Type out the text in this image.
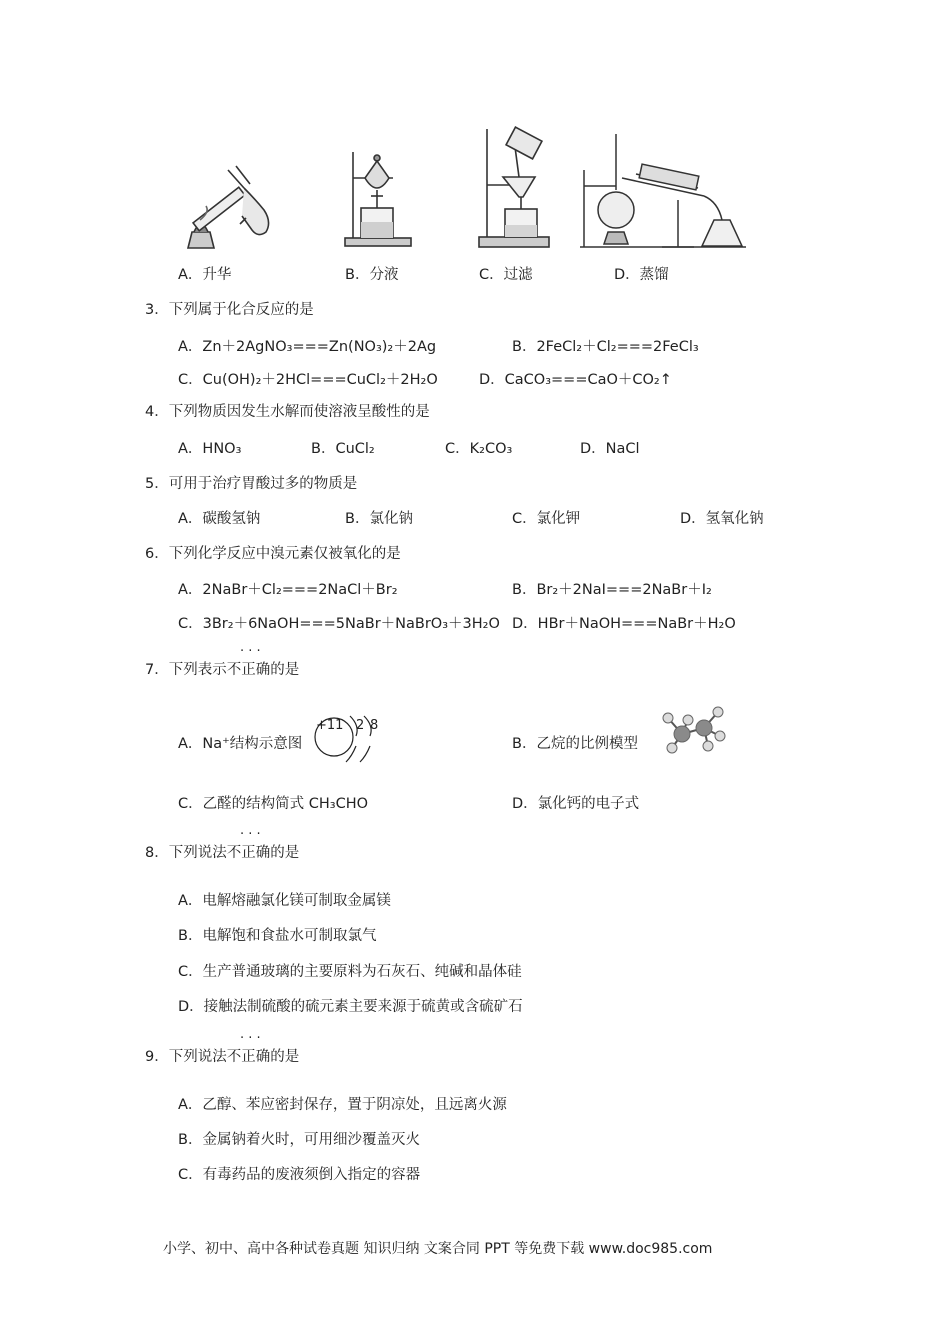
A．升华	B．分液	C．过滤	D．蒸馏
3．下列属于化合反应的是
A．Zn＋2AgNO₃===Zn(NO₃)₂＋2Ag	B．2FeCl₂＋Cl₂===2FeCl₃
C．Cu(OH)₂＋2HCl===CuCl₂＋2H₂O	D．CaCO₃===CaO＋CO₂↑
4．下列物质因发生水解而使溶液呈酸性的是
A．HNO₃	B．CuCl₂	C．K₂CO₃	D．NaCl
5．可用于治疗胃酸过多的物质是
A．碳酸氢钠	B．氯化钠	C．氯化钾	D．氢氧化钠
6．下列化学反应中溴元素仅被氧化的是
A．2NaBr＋Cl₂===2NaCl＋Br₂	B．Br₂＋2NaI===2NaBr＋I₂
C．3Br₂＋6NaOH===5NaBr＋NaBrO₃＋3H₂O D．HBr＋NaOH===NaBr＋H₂O
· · ·
7．下列表示不正确的是
A．Na⁺结构示意图
+11 2 8
B．乙烷的比例模型
C．乙醛的结构简式 CH₃CHO	D．氯化钙的电子式
· · ·
8．下列说法不正确的是
A．电解熔融氯化镁可制取金属镁
B．电解饱和食盐水可制取氯气
C．生产普通玻璃的主要原料为石灰石、纯碱和晶体硅
D．接触法制硫酸的硫元素主要来源于硫黄或含硫矿石
· · ·
9．下列说法不正确的是
A．乙醇、苯应密封保存，置于阴凉处，且远离火源
B．金属钠着火时，可用细沙覆盖灭火
C．有毒药品的废液须倒入指定的容器
小学、初中、高中各种试卷真题 知识归纳 文案合同 PPT 等免费下载 www.doc985.com
